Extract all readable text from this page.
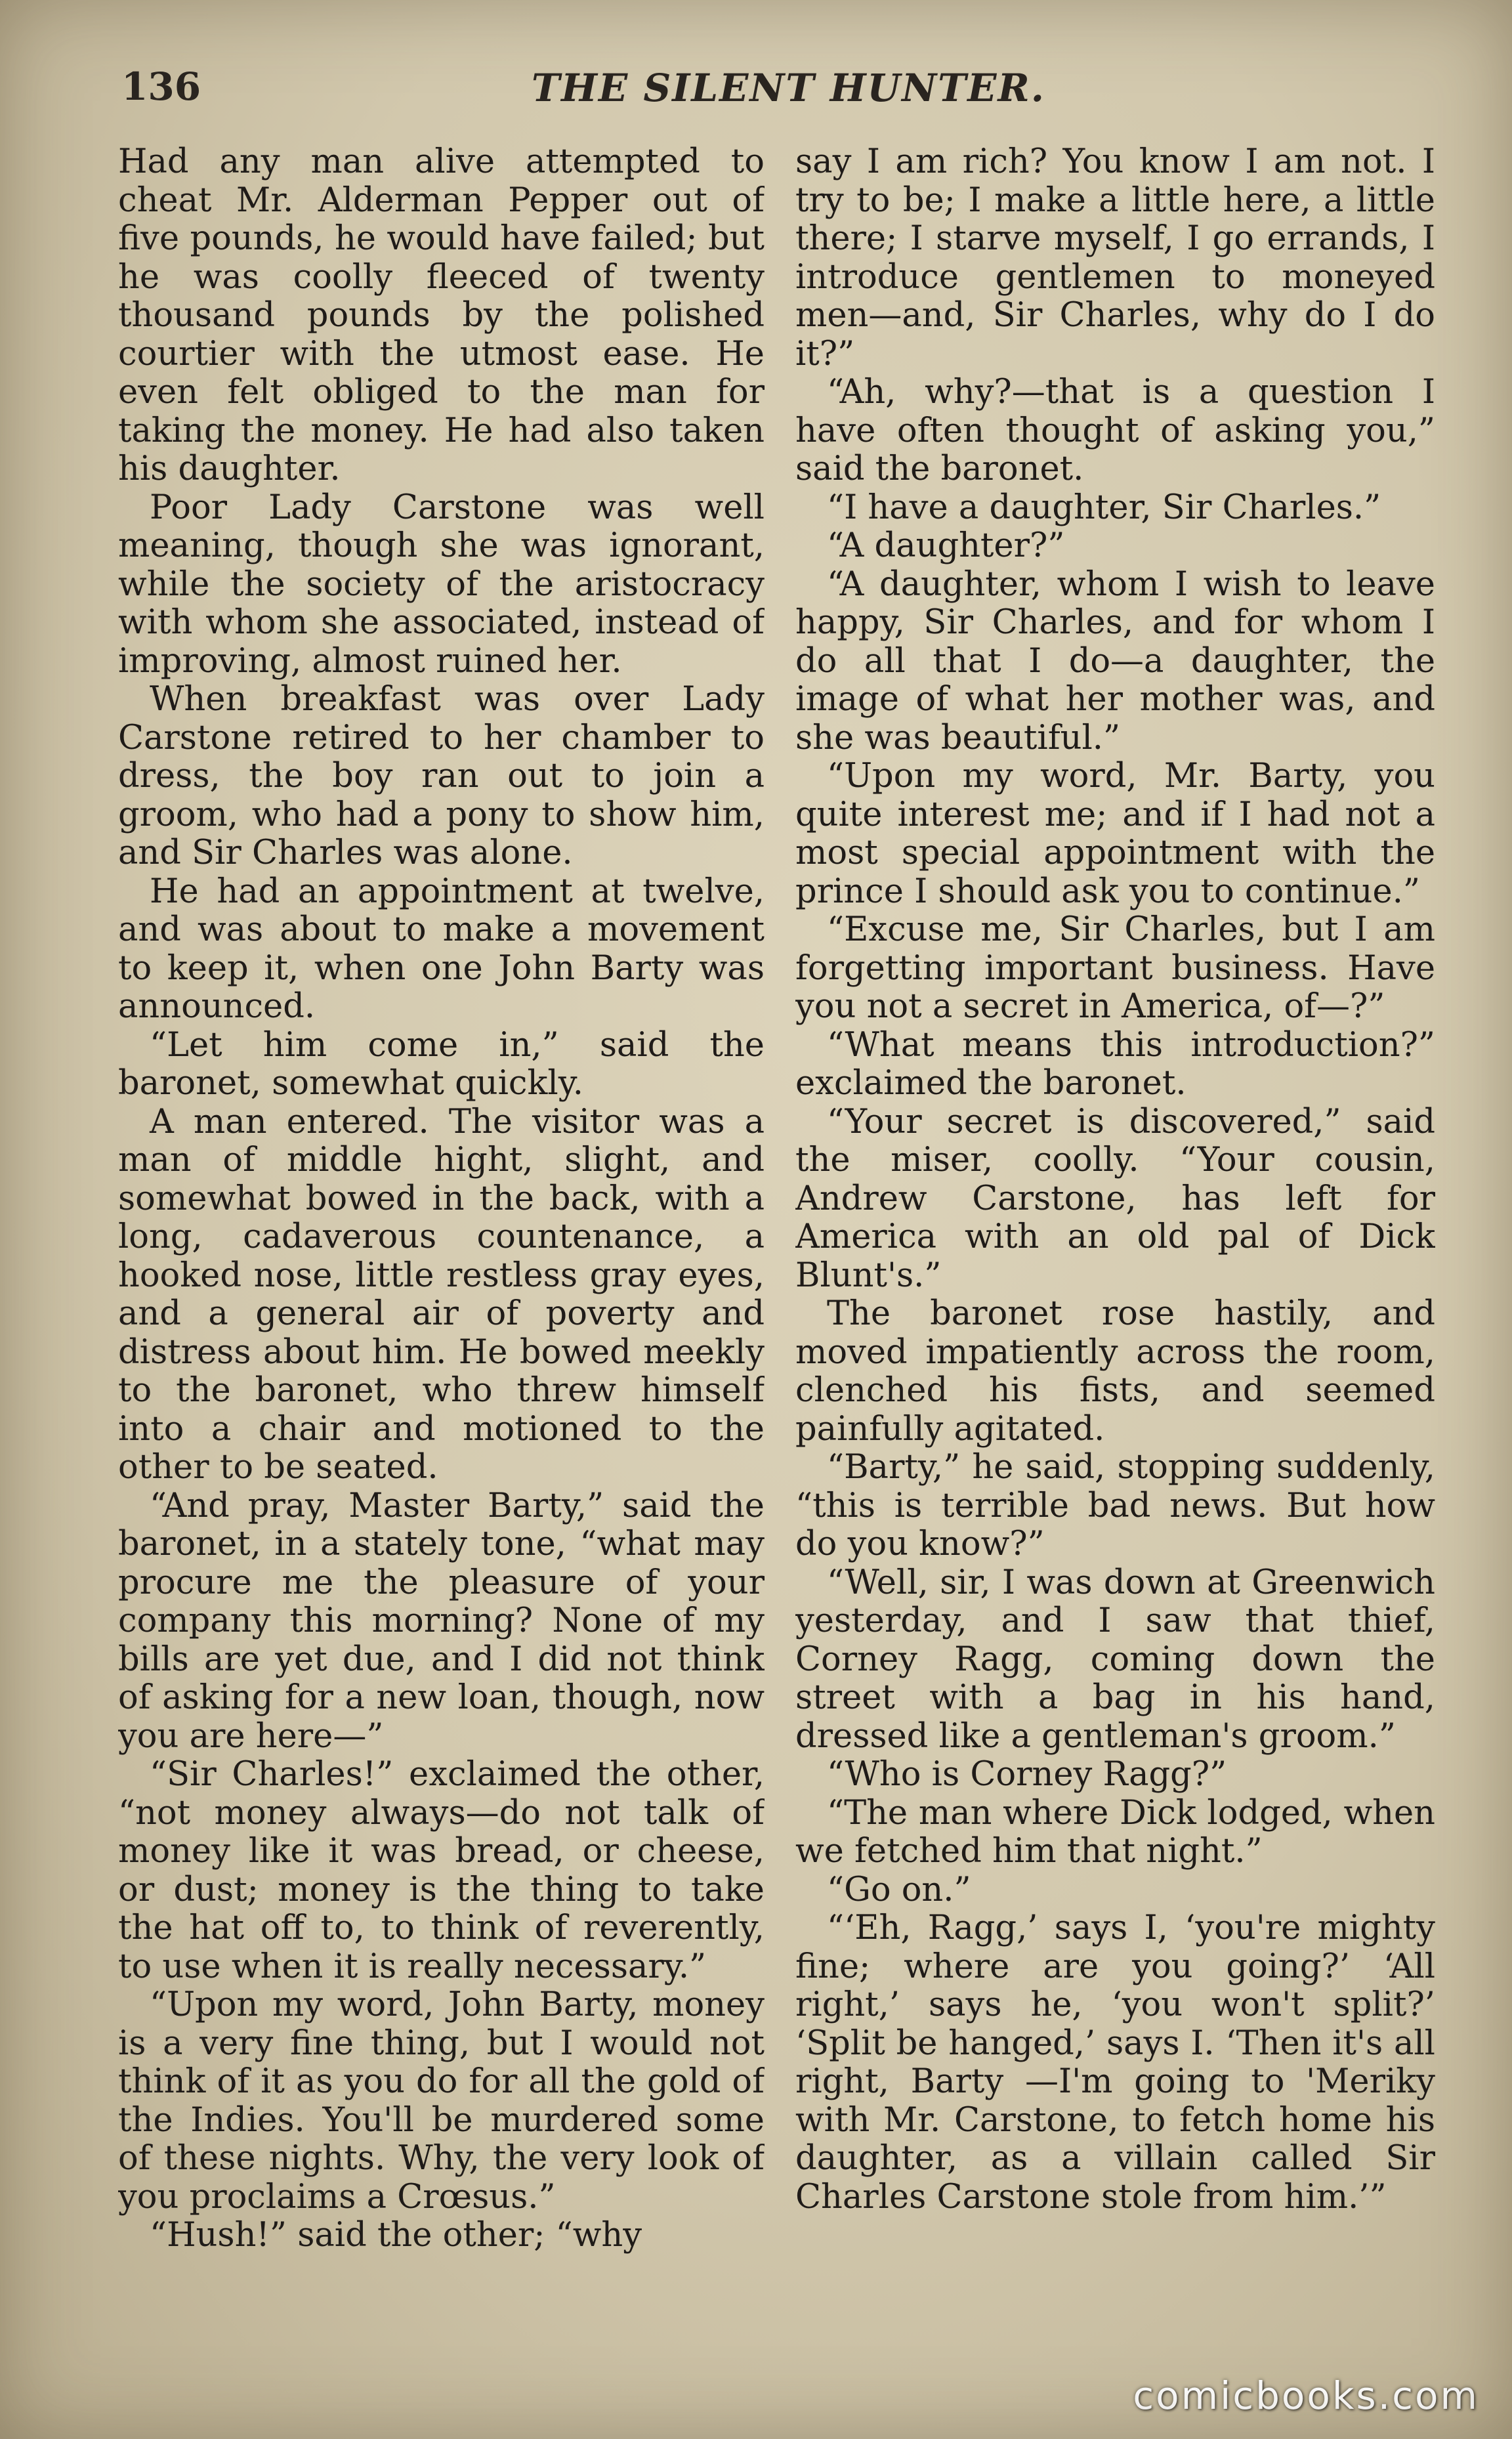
136	THE SILENT HUNTER.

Had any man alive attempted to cheat Mr. Alderman Pepper out of five pounds, he would have failed; but he was coolly fleeced of twenty thousand pounds by the polished courtier with the utmost ease. He even felt obliged to the man for taking the money. He had also taken his daughter.

Poor Lady Carstone was well meaning, though she was ignorant, while the society of the aristocracy with whom she associated, instead of improving, almost ruined her.

When breakfast was over Lady Carstone retired to her chamber to dress, the boy ran out to join a groom, who had a pony to show him, and Sir Charles was alone.

He had an appointment at twelve, and was about to make a movement to keep it, when one John Barty was announced.

“Let him come in,” said the baronet, somewhat quickly.

A man entered. The visitor was a man of middle hight, slight, and somewhat bowed in the back, with a long, cadaverous countenance, a hooked nose, little restless gray eyes, and a general air of poverty and distress about him. He bowed meekly to the baronet, who threw himself into a chair and motioned to the other to be seated.

“And pray, Master Barty,” said the baronet, in a stately tone, “what may procure me the pleasure of your company this morning? None of my bills are yet due, and I did not think of asking for a new loan, though, now you are here—”

“Sir Charles!” exclaimed the other, “not money always—do not talk of money like it was bread, or cheese, or dust; money is the thing to take the hat off to, to think of reverently, to use when it is really necessary.”

“Upon my word, John Barty, money is a very fine thing, but I would not think of it as you do for all the gold of the Indies. You'll be murdered some of these nights. Why, the very look of you proclaims a Crœsus.”

“Hush!” said the other; “why

say I am rich? You know I am not. I try to be; I make a little here, a little there; I starve myself, I go errands, I introduce gentlemen to moneyed men—and, Sir Charles, why do I do it?”

“Ah, why?—that is a question I have often thought of asking you,” said the baronet.

“I have a daughter, Sir Charles.”

“A daughter?”

“A daughter, whom I wish to leave happy, Sir Charles, and for whom I do all that I do—a daughter, the image of what her mother was, and she was beautiful.”

“Upon my word, Mr. Barty, you quite interest me; and if I had not a most special appointment with the prince I should ask you to continue.”

“Excuse me, Sir Charles, but I am forgetting important business. Have you not a secret in America, of—?”

“What means this introduction?” exclaimed the baronet.

“Your secret is discovered,” said the miser, coolly. “Your cousin, Andrew Carstone, has left for America with an old pal of Dick Blunt's.”

The baronet rose hastily, and moved impatiently across the room, clenched his fists, and seemed painfully agitated.

“Barty,” he said, stopping suddenly, “this is terrible bad news. But how do you know?”

“Well, sir, I was down at Greenwich yesterday, and I saw that thief, Corney Ragg, coming down the street with a bag in his hand, dressed like a gentleman's groom.”

“Who is Corney Ragg?”

“The man where Dick lodged, when we fetched him that night.”

“Go on.”

“‘Eh, Ragg,’ says I, ‘you're mighty fine; where are you going?’ ‘All right,’ says he, ‘you won't split?’ ‘Split be hanged,’ says I. ‘Then it's all right, Barty —I'm going to 'Meriky with Mr. Carstone, to fetch home his daughter, as a villain called Sir Charles Carstone stole from him.’”

comicbooks.com
